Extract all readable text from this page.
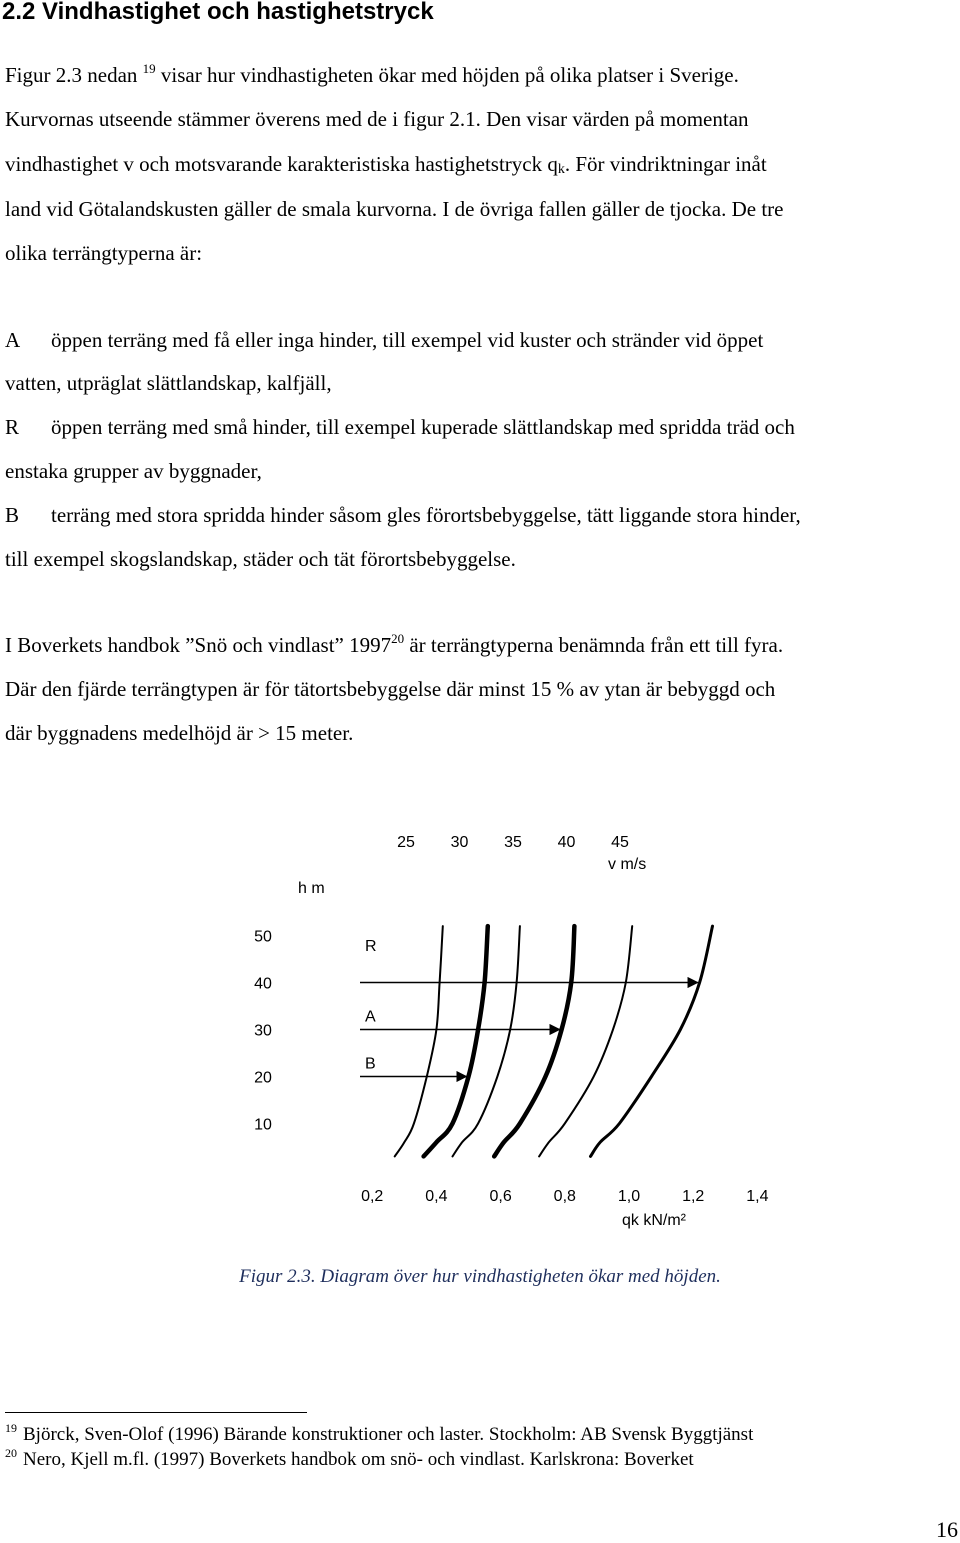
2.2 Vindhastighet och hastighetstryck
Figur 2.3 nedan $^{19}$ visar hur vindhastigheten ökar med höjden på olika platser i Sverige.
Kurvornas utseende stämmer överens med de i figur 2.1. Den visar värden på momentan
vindhastighet v och motsvarande karakteristiska hastighetstryck $q_k$. För vindriktningar inåt
land vid Götalandskusten gäller de smala kurvorna. I de övriga fallen gäller de tjocka. De tre
olika terrängtyperna är:
A öppen terräng med få eller inga hinder, till exempel vid kuster och stränder vid öppet
vatten, utpräglat slättlandskap, kalfjäll,
R öppen terräng med små hinder, till exempel kuperade slättlandskap med spridda träd och
enstaka grupper av byggnader,
B terräng med stora spridda hinder såsom gles förortsbebyggelse, tätt liggande stora hinder,
till exempel skogslandskap, städer och tät förortsbebyggelse.
I Boverkets handbok ”Snö och vindlast” 1997$^{20}$ är terrängtyperna benämnda från ett till fyra.
Där den fjärde terrängtypen är för tätortsbebyggelse där minst 15 % av ytan är bebyggd och
där byggnadens medelhöjd är > 15 meter.
25 30 35 40 45
v m/s
h m
50
40
30
20
10
R
A
B
0,2	0,4	0,6	0,8	1,0	1,2	1,4
qk kN/m²
Figur 2.3. Diagram över hur vindhastigheten ökar med höjden.
$^{19}$ Björck, Sven-Olof (1996) Bärande konstruktioner och laster. Stockholm: AB Svensk Byggtjänst
$^{20}$ Nero, Kjell m.fl. (1997) Boverkets handbok om snö- och vindlast. Karlskrona: Boverket
16
